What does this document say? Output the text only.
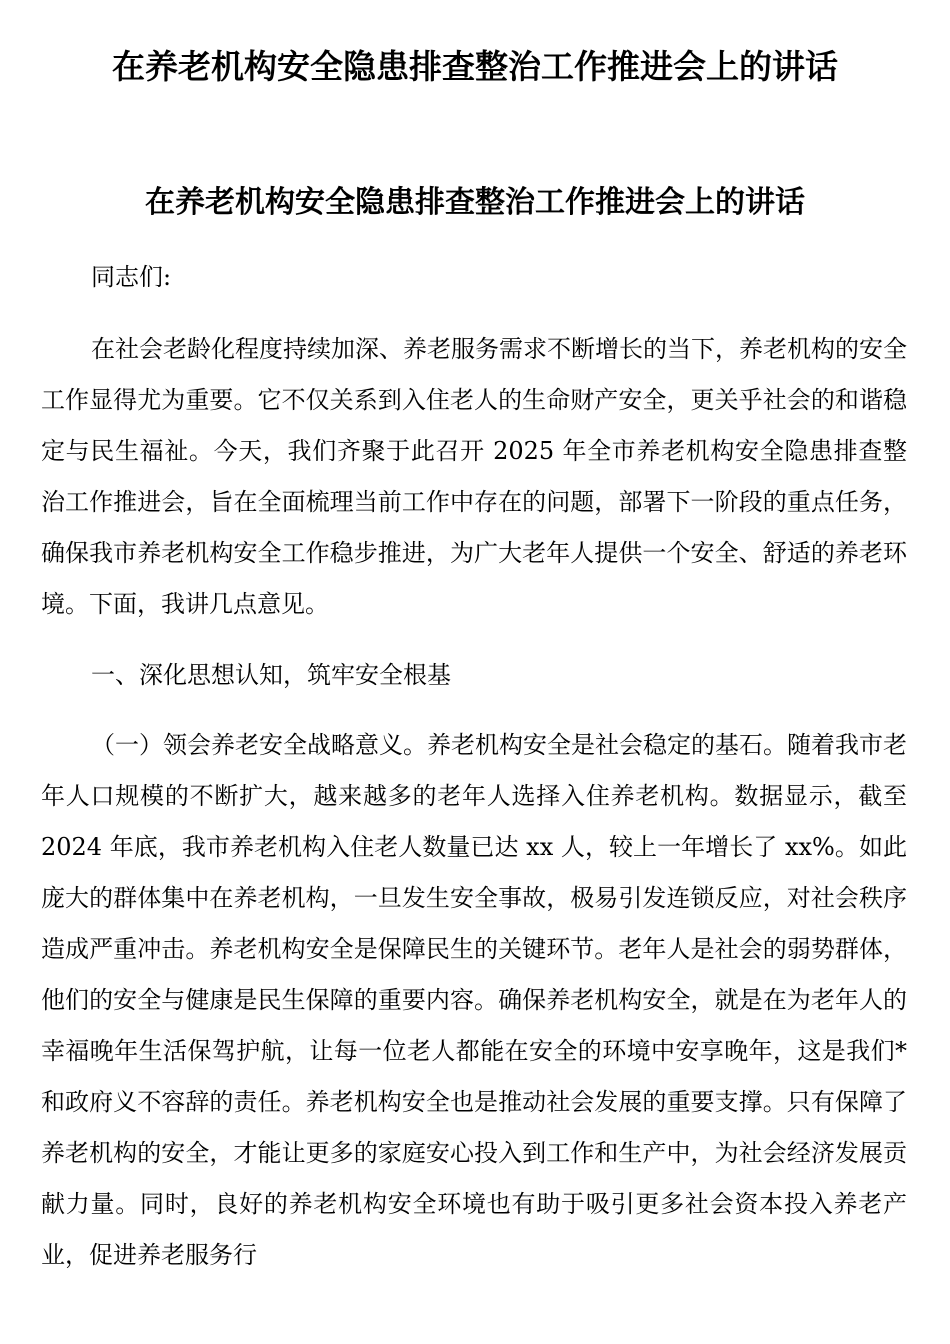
在养老机构安全隐患排查整治工作推进会上的讲话
在养老机构安全隐患排查整治工作推进会上的讲话

同志们:

在社会老龄化程度持续加深、养老服务需求不断增长的当下，养老机构的安全工作显得尤为重要。它不仅关系到入住老人的生命财产安全，更关乎社会的和谐稳定与民生福祉。今天，我们齐聚于此召开 2025 年全市养老机构安全隐患排查整治工作推进会，旨在全面梳理当前工作中存在的问题，部署下一阶段的重点任务，确保我市养老机构安全工作稳步推进，为广大老年人提供一个安全、舒适的养老环境。下面，我讲几点意见。

一、深化思想认知，筑牢安全根基

（一）领会养老安全战略意义。养老机构安全是社会稳定的基石。随着我市老年人口规模的不断扩大，越来越多的老年人选择入住养老机构。数据显示，截至 2024 年底，我市养老机构入住老人数量已达 xx 人，较上一年增长了 xx%。如此庞大的群体集中在养老机构，一旦发生安全事故，极易引发连锁反应，对社会秩序造成严重冲击。养老机构安全是保障民生的关键环节。老年人是社会的弱势群体，他们的安全与健康是民生保障的重要内容。确保养老机构安全，就是在为老年人的幸福晚年生活保驾护航，让每一位老人都能在安全的环境中安享晚年，这是我们*和政府义不容辞的责任。养老机构安全也是推动社会发展的重要支撑。只有保障了养老机构的安全，才能让更多的家庭安心投入到工作和生产中，为社会经济发展贡献力量。同时，良好的养老机构安全环境也有助于吸引更多社会资本投入养老产业，促进养老服务行
